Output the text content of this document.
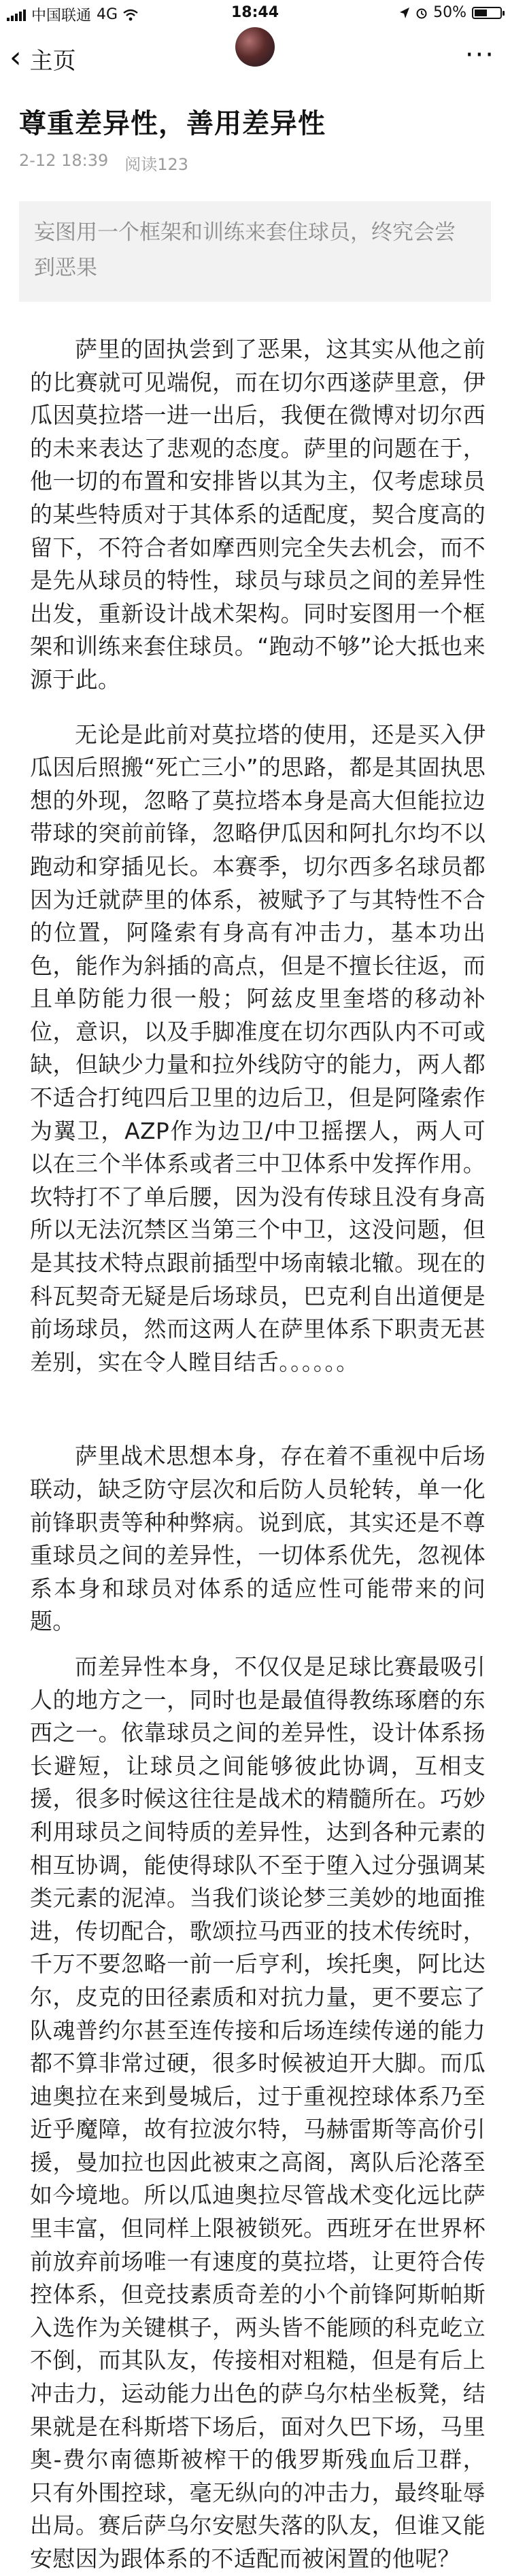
中国联通 4G	18:44	50%
‹ 主页	···
尊重差异性，善用差异性
2-12 18:39 阅读123
妄图用一个框架和训练来套住球员，终究会尝到恶果

萨里的固执尝到了恶果，这其实从他之前的比赛就可见端倪，而在切尔西遂萨里意，伊瓜因莫拉塔一进一出后，我便在微博对切尔西的未来表达了悲观的态度。萨里的问题在于，他一切的布置和安排皆以其为主，仅考虑球员的某些特质对于其体系的适配度，契合度高的留下，不符合者如摩西则完全失去机会，而不是先从球员的特性，球员与球员之间的差异性出发，重新设计战术架构。同时妄图用一个框架和训练来套住球员。“跑动不够”论大抵也来源于此。

无论是此前对莫拉塔的使用，还是买入伊瓜因后照搬“死亡三小”的思路，都是其固执思想的外现，忽略了莫拉塔本身是高大但能拉边带球的突前前锋，忽略伊瓜因和阿扎尔均不以跑动和穿插见长。本赛季，切尔西多名球员都因为迁就萨里的体系，被赋予了与其特性不合的位置，阿隆索有身高有冲击力，基本功出色，能作为斜插的高点，但是不擅长往返，而且单防能力很一般；阿兹皮里奎塔的移动补位，意识，以及手脚准度在切尔西队内不可或缺，但缺少力量和拉外线防守的能力，两人都不适合打纯四后卫里的边后卫，但是阿隆索作为翼卫，AZP作为边卫/中卫摇摆人，两人可以在三个半体系或者三中卫体系中发挥作用。坎特打不了单后腰，因为没有传球且没有身高所以无法沉禁区当第三个中卫，这没问题，但是其技术特点跟前插型中场南辕北辙。现在的科瓦契奇无疑是后场球员，巴克利自出道便是前场球员，然而这两人在萨里体系下职责无甚差别，实在令人瞠目结舌。。。。。。

萨里战术思想本身，存在着不重视中后场联动，缺乏防守层次和后防人员轮转，单一化前锋职责等种种弊病。说到底，其实还是不尊重球员之间的差异性，一切体系优先，忽视体系本身和球员对体系的适应性可能带来的问题。

而差异性本身，不仅仅是足球比赛最吸引人的地方之一，同时也是最值得教练琢磨的东西之一。依靠球员之间的差异性，设计体系扬长避短，让球员之间能够彼此协调，互相支援，很多时候这往往是战术的精髓所在。巧妙利用球员之间特质的差异性，达到各种元素的相互协调，能使得球队不至于堕入过分强调某类元素的泥淖。当我们谈论梦三美妙的地面推进，传切配合，歌颂拉马西亚的技术传统时，千万不要忽略一前一后亨利，埃托奥，阿比达尔，皮克的田径素质和对抗力量，更不要忘了队魂普约尔甚至连传接和后场连续传递的能力都不算非常过硬，很多时候被迫开大脚。而瓜迪奥拉在来到曼城后，过于重视控球体系乃至近乎魔障，故有拉波尔特，马赫雷斯等高价引援，曼加拉也因此被束之高阁，离队后沦落至如今境地。所以瓜迪奥拉尽管战术变化远比萨里丰富，但同样上限被锁死。西班牙在世界杯前放弃前场唯一有速度的莫拉塔，让更符合传控体系，但竞技素质奇差的小个前锋阿斯帕斯入选作为关键棋子，两头皆不能顾的科克屹立不倒，而其队友，传接相对粗糙，但是有后上冲击力，运动能力出色的萨乌尔枯坐板凳，结果就是在科斯塔下场后，面对久巴下场，马里奥-费尔南德斯被榨干的俄罗斯残血后卫群，只有外围控球，毫无纵向的冲击力，最终耻辱出局。赛后萨乌尔安慰失落的队友，但谁又能安慰因为跟体系的不适配而被闲置的他呢？
